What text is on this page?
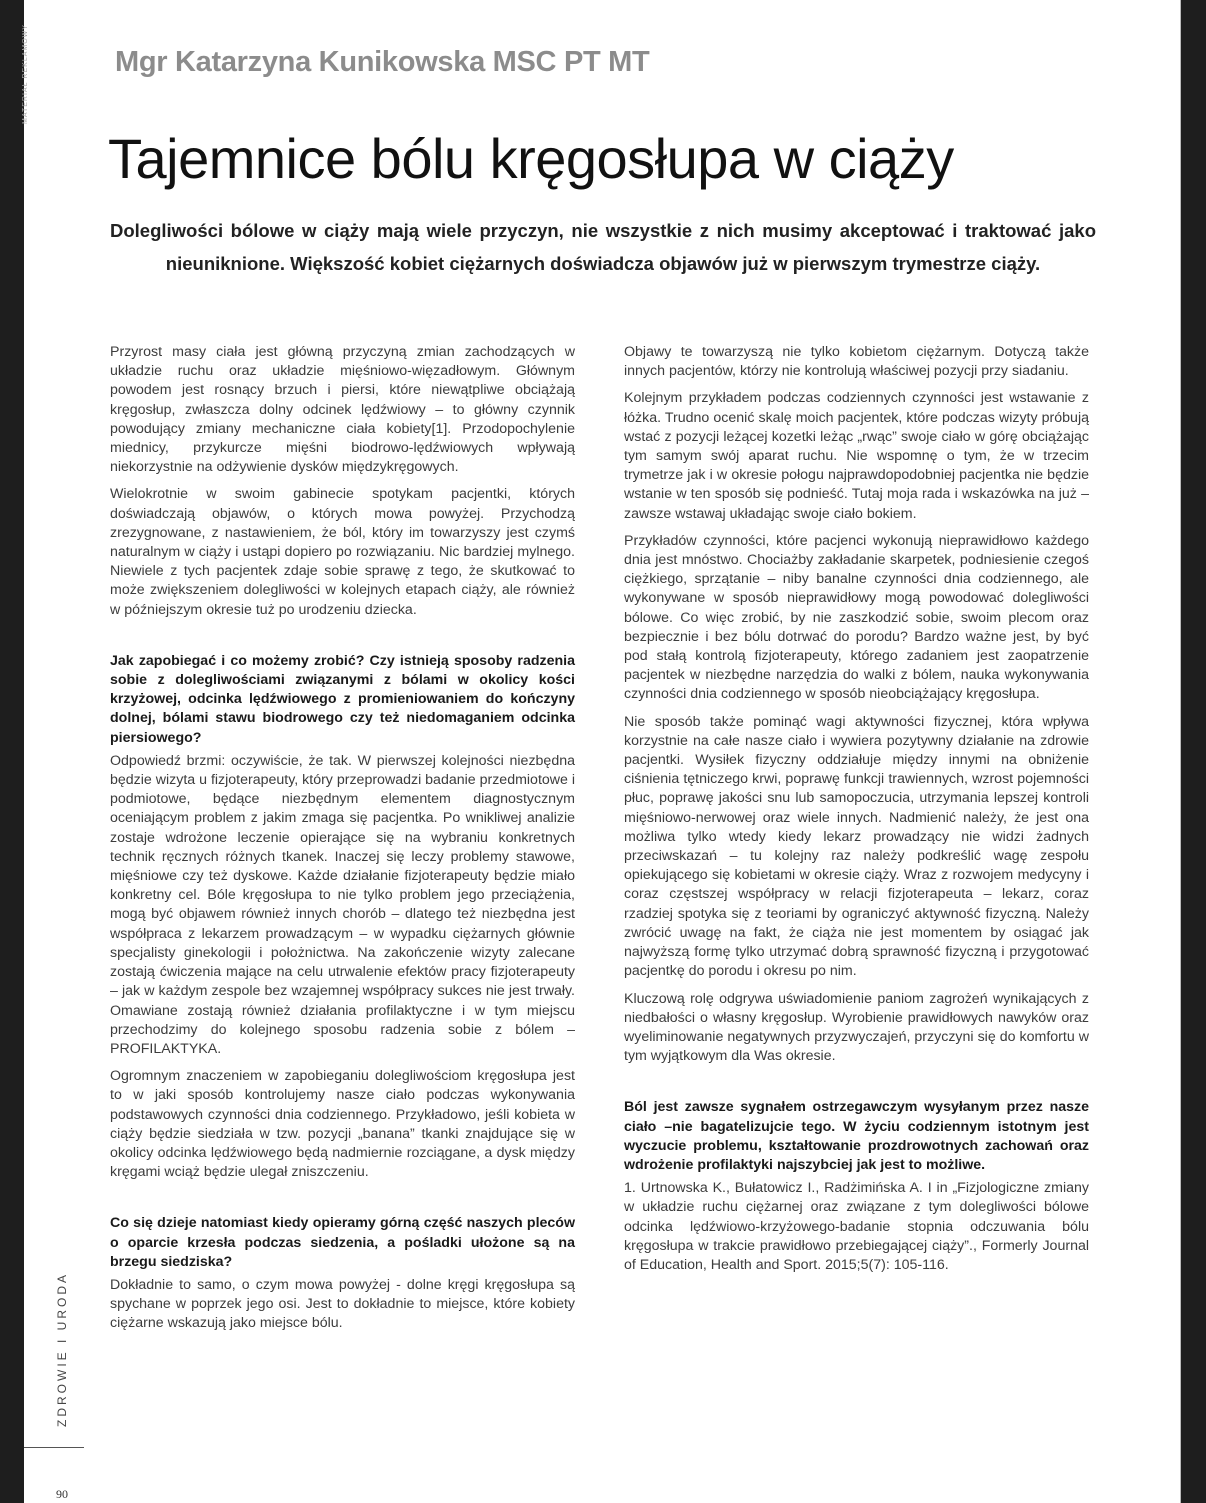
MATERIAŁ REKLAMOWY
ZDROWIE I URODA
90
Mgr Katarzyna Kunikowska MSC PT MT
Tajemnice bólu kręgosłupa w ciąży
Dolegliwości bólowe w ciąży mają wiele przyczyn, nie wszystkie z nich musimy akceptować i traktować jako nieuniknione. Większość kobiet ciężarnych doświadcza objawów już w pierwszym trymestrze ciąży.

Przyrost masy ciała jest główną przyczyną zmian zachodzących w układzie ruchu oraz układzie mięśniowo-więzadłowym. Głównym powodem jest rosnący brzuch i piersi, które niewątpliwe obciążają kręgosłup, zwłaszcza dolny odcinek lędźwiowy – to główny czynnik powodujący zmiany mechaniczne ciała kobiety[1]. Przodopochylenie miednicy, przykurcze mięśni biodrowo-lędźwiowych wpływają niekorzystnie na odżywienie dysków międzykręgowych.

Wielokrotnie w swoim gabinecie spotykam pacjentki, których doświadczają objawów, o których mowa powyżej. Przychodzą zrezygnowane, z nastawieniem, że ból, który im towarzyszy jest czymś naturalnym w ciąży i ustąpi dopiero po rozwiązaniu. Nic bardziej mylnego. Niewiele z tych pacjentek zdaje sobie sprawę z tego, że skutkować to może zwiększeniem dolegliwości w kolejnych etapach ciąży, ale również w późniejszym okresie tuż po urodzeniu dziecka.

Jak zapobiegać i co możemy zrobić? Czy istnieją sposoby radzenia sobie z dolegliwościami związanymi z bólami w okolicy kości krzyżowej, odcinka lędźwiowego z promieniowaniem do kończyny dolnej, bólami stawu biodrowego czy też niedomaganiem odcinka piersiowego?

Odpowiedź brzmi: oczywiście, że tak. W pierwszej kolejności niezbędna będzie wizyta u fizjoterapeuty, który przeprowadzi badanie przedmiotowe i podmiotowe, będące niezbędnym elementem diagnostycznym oceniającym problem z jakim zmaga się pacjentka. Po wnikliwej analizie zostaje wdrożone leczenie opierające się na wybraniu konkretnych technik ręcznych różnych tkanek. Inaczej się leczy problemy stawowe, mięśniowe czy też dyskowe. Każde działanie fizjoterapeuty będzie miało konkretny cel. Bóle kręgosłupa to nie tylko problem jego przeciążenia, mogą być objawem również innych chorób – dlatego też niezbędna jest współpraca z lekarzem prowadzącym – w wypadku ciężarnych głównie specjalisty ginekologii i położnictwa. Na zakończenie wizyty zalecane zostają ćwiczenia mające na celu utrwalenie efektów pracy fizjoterapeuty – jak w każdym zespole bez wzajemnej współpracy sukces nie jest trwały. Omawiane zostają również działania profilaktyczne i w tym miejscu przechodzimy do kolejnego sposobu radzenia sobie z bólem – PROFILAKTYKA.

Ogromnym znaczeniem w zapobieganiu dolegliwościom kręgosłupa jest to w jaki sposób kontrolujemy nasze ciało podczas wykonywania podstawowych czynności dnia codziennego. Przykładowo, jeśli kobieta w ciąży będzie siedziała w tzw. pozycji „banana” tkanki znajdujące się w okolicy odcinka lędźwiowego będą nadmiernie rozciągane, a dysk między kręgami wciąż będzie ulegał zniszczeniu.

Co się dzieje natomiast kiedy opieramy górną część naszych pleców o oparcie krzesła podczas siedzenia, a pośladki ułożone są na brzegu siedziska?

Dokładnie to samo, o czym mowa powyżej - dolne kręgi kręgosłupa są spychane w poprzek jego osi. Jest to dokładnie to miejsce, które kobiety ciężarne wskazują jako miejsce bólu.

Objawy te towarzyszą nie tylko kobietom ciężarnym. Dotyczą także innych pacjentów, którzy nie kontrolują właściwej pozycji przy siadaniu.

Kolejnym przykładem podczas codziennych czynności jest wstawanie z łóżka. Trudno ocenić skalę moich pacjentek, które podczas wizyty próbują wstać z pozycji leżącej kozetki leżąc „rwąc” swoje ciało w górę obciążając tym samym swój aparat ruchu. Nie wspomnę o tym, że w trzecim trymetrze jak i w okresie połogu najprawdopodobniej pacjentka nie będzie wstanie w ten sposób się podnieść. Tutaj moja rada i wskazówka na już – zawsze wstawaj układając swoje ciało bokiem.

Przykładów czynności, które pacjenci wykonują nieprawidłowo każdego dnia jest mnóstwo. Chociażby zakładanie skarpetek, podniesienie czegoś ciężkiego, sprzątanie – niby banalne czynności dnia codziennego, ale wykonywane w sposób nieprawidłowy mogą powodować dolegliwości bólowe. Co więc zrobić, by nie zaszkodzić sobie, swoim plecom oraz bezpiecznie i bez bólu dotrwać do porodu? Bardzo ważne jest, by być pod stałą kontrolą fizjoterapeuty, którego zadaniem jest zaopatrzenie pacjentek w niezbędne narzędzia do walki z bólem, nauka wykonywania czynności dnia codziennego w sposób nieobciążający kręgosłupa.

Nie sposób także pominąć wagi aktywności fizycznej, która wpływa korzystnie na całe nasze ciało i wywiera pozytywny działanie na zdrowie pacjentki. Wysiłek fizyczny oddziałuje między innymi na obniżenie ciśnienia tętniczego krwi, poprawę funkcji trawiennych, wzrost pojemności płuc, poprawę jakości snu lub samopoczucia, utrzymania lepszej kontroli mięśniowo-nerwowej oraz wiele innych. Nadmienić należy, że jest ona możliwa tylko wtedy kiedy lekarz prowadzący nie widzi żadnych przeciwskazań – tu kolejny raz należy podkreślić wagę zespołu opiekującego się kobietami w okresie ciąży. Wraz z rozwojem medycyny i coraz częstszej współpracy w relacji fizjoterapeuta – lekarz, coraz rzadziej spotyka się z teoriami by ograniczyć aktywność fizyczną. Należy zwrócić uwagę na fakt, że ciąża nie jest momentem by osiągać jak najwyższą formę tylko utrzymać dobrą sprawność fizyczną i przygotować pacjentkę do porodu i okresu po nim.

Kluczową rolę odgrywa uświadomienie paniom zagrożeń wynikających z niedbałości o własny kręgosłup. Wyrobienie prawidłowych nawyków oraz wyeliminowanie negatywnych przyzwyczajeń, przyczyni się do komfortu w tym wyjątkowym dla Was okresie.

Ból jest zawsze sygnałem ostrzegawczym wysyłanym przez nasze ciało –nie bagatelizujcie tego. W życiu codziennym istotnym jest wyczucie problemu, kształtowanie prozdrowotnych zachowań oraz wdrożenie profilaktyki najszybciej jak jest to możliwe.

1. Urtnowska K., Bułatowicz I., Radżimińska A. I in „Fizjologiczne zmiany w układzie ruchu ciężarnej oraz związane z tym dolegliwości bólowe odcinka lędźwiowo-krzyżowego-badanie stopnia odczuwania bólu kręgosłupa w trakcie prawidłowo przebiegającej ciąży”., Formerly Journal of Education, Health and Sport. 2015;5(7): 105-116.
